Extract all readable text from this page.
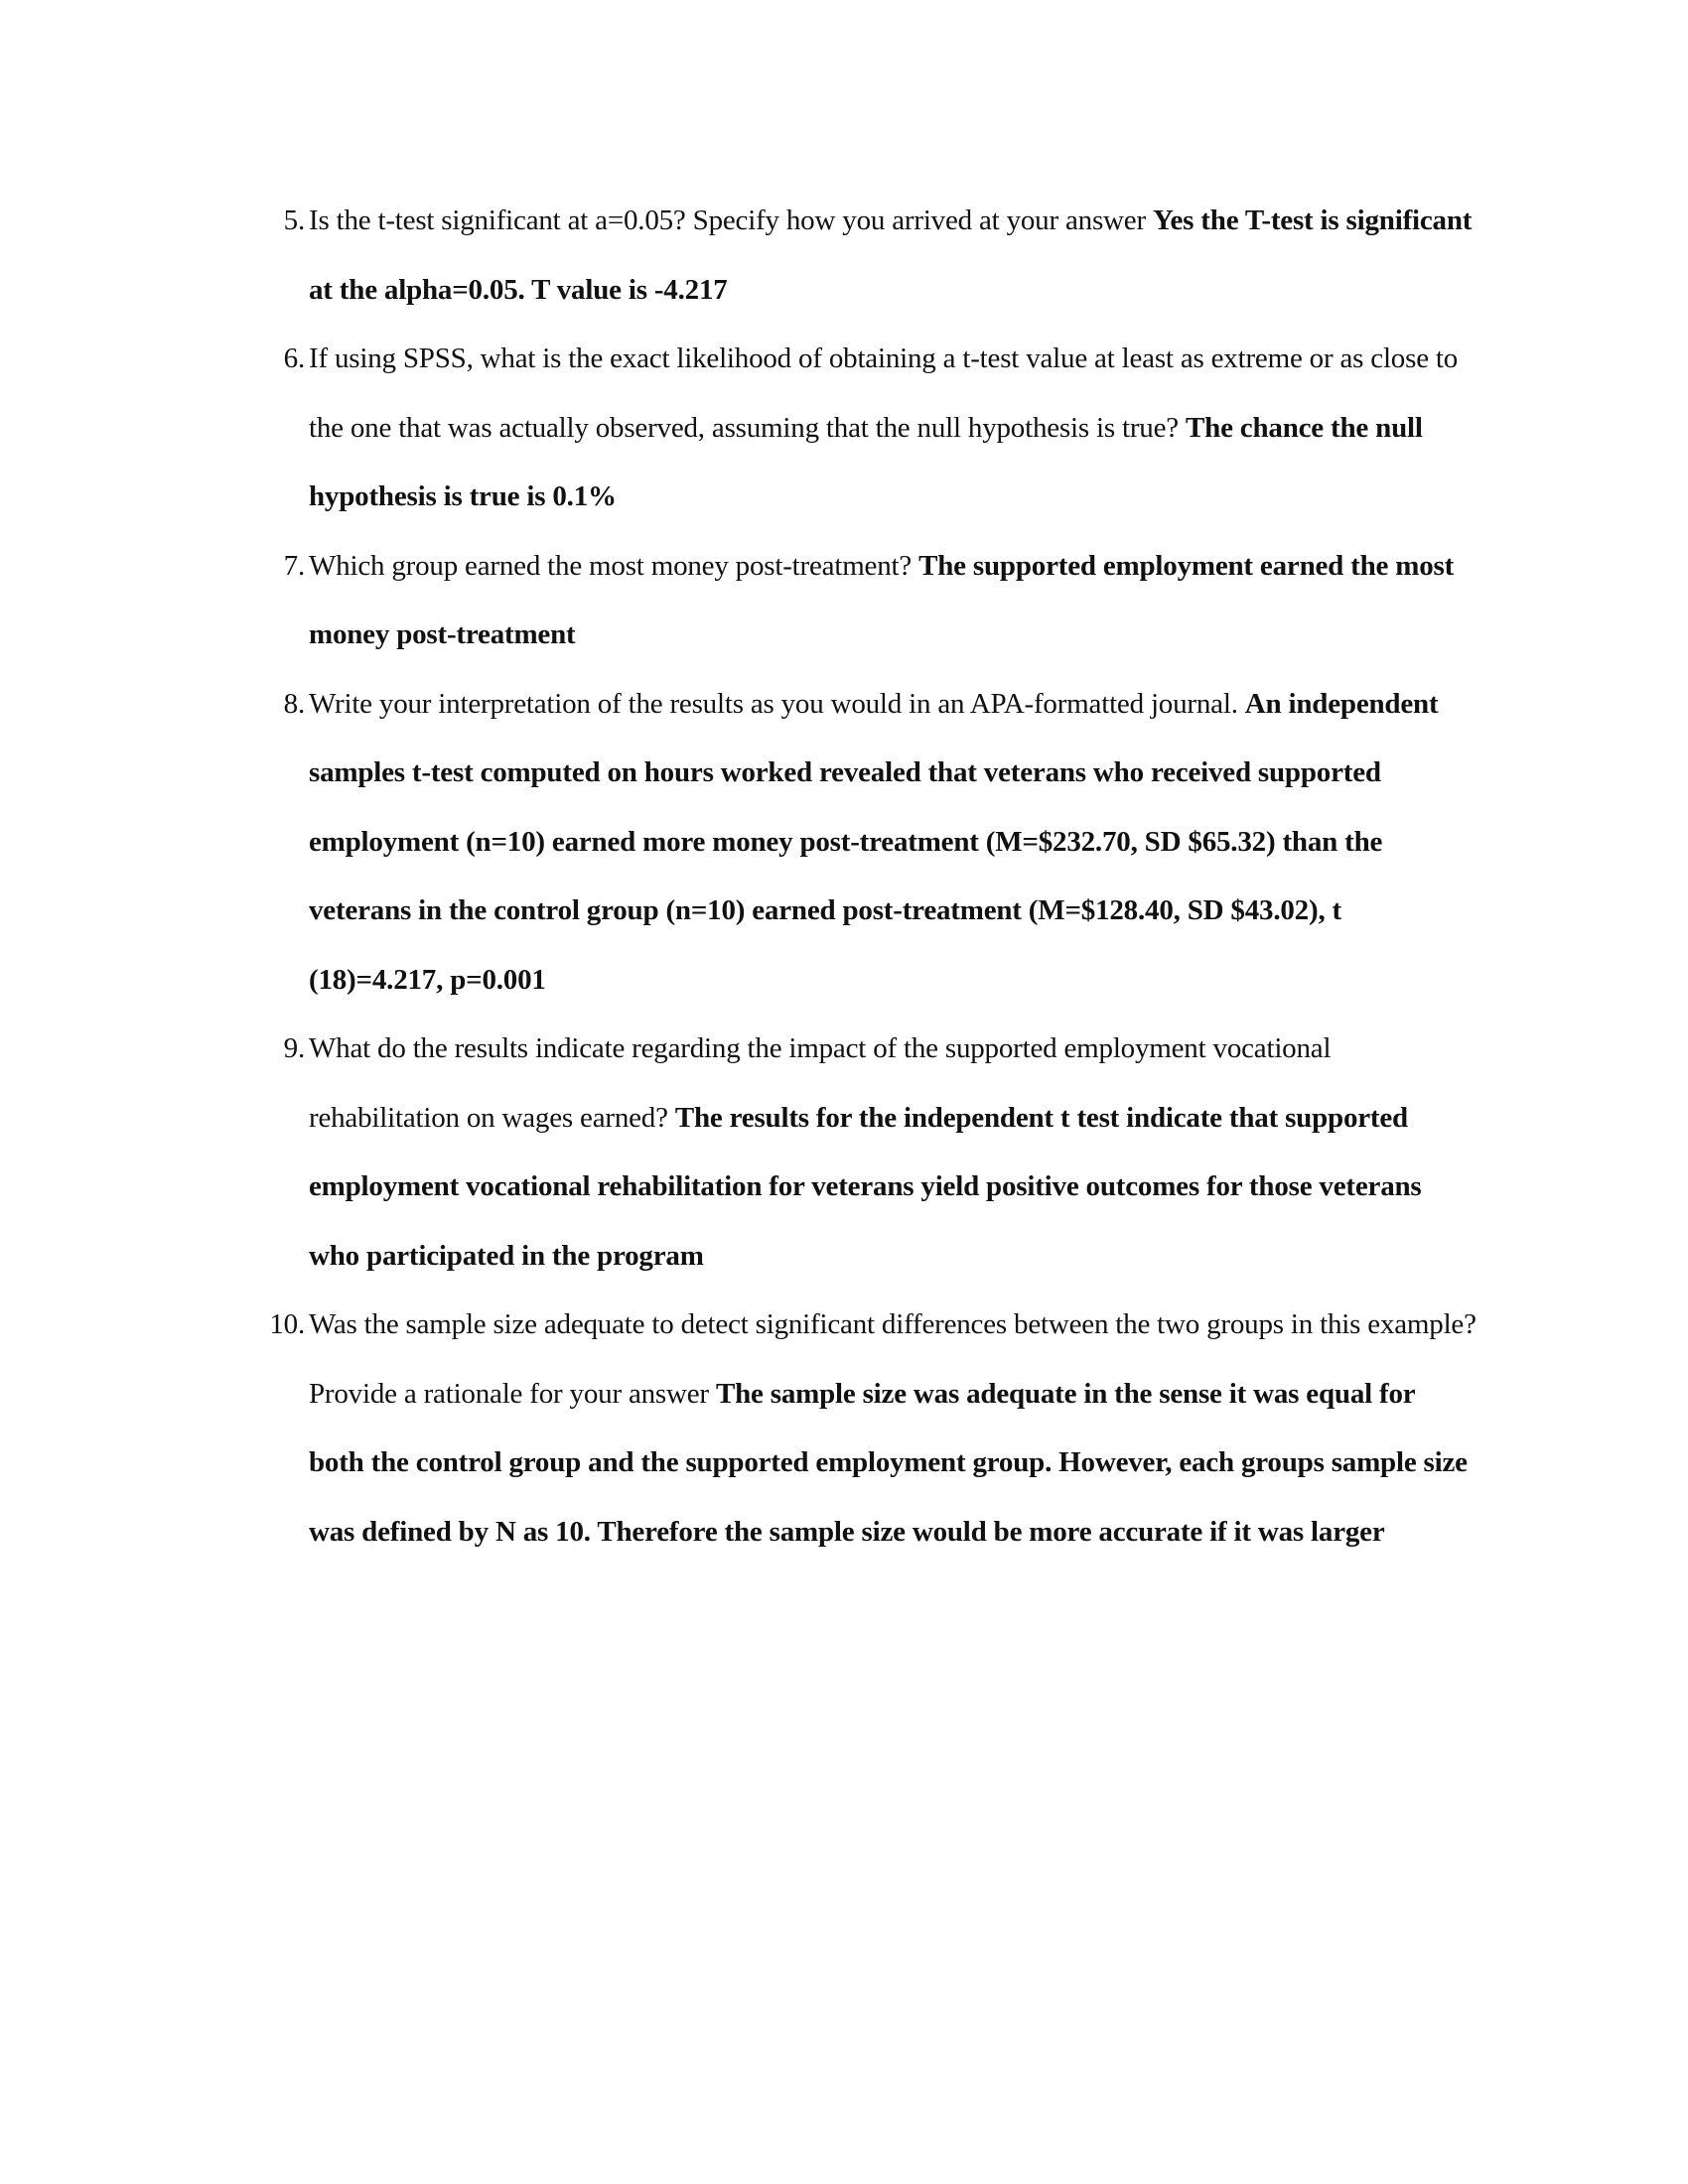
5. Is the t-test significant at a=0.05? Specify how you arrived at your answer Yes the T-test is significant at the alpha=0.05. T value is -4.217
6. If using SPSS, what is the exact likelihood of obtaining a t-test value at least as extreme or as close to the one that was actually observed, assuming that the null hypothesis is true? The chance the null hypothesis is true is 0.1%
7. Which group earned the most money post-treatment? The supported employment earned the most money post-treatment
8. Write your interpretation of the results as you would in an APA-formatted journal. An independent samples t-test computed on hours worked revealed that veterans who received supported employment (n=10) earned more money post-treatment (M=$232.70, SD $65.32) than the veterans in the control group (n=10) earned post-treatment (M=$128.40, SD $43.02), t (18)=4.217, p=0.001
9. What do the results indicate regarding the impact of the supported employment vocational rehabilitation on wages earned? The results for the independent t test indicate that supported employment vocational rehabilitation for veterans yield positive outcomes for those veterans who participated in the program
10. Was the sample size adequate to detect significant differences between the two groups in this example? Provide a rationale for your answer The sample size was adequate in the sense it was equal for both the control group and the supported employment group. However, each groups sample size was defined by N as 10. Therefore the sample size would be more accurate if it was larger
